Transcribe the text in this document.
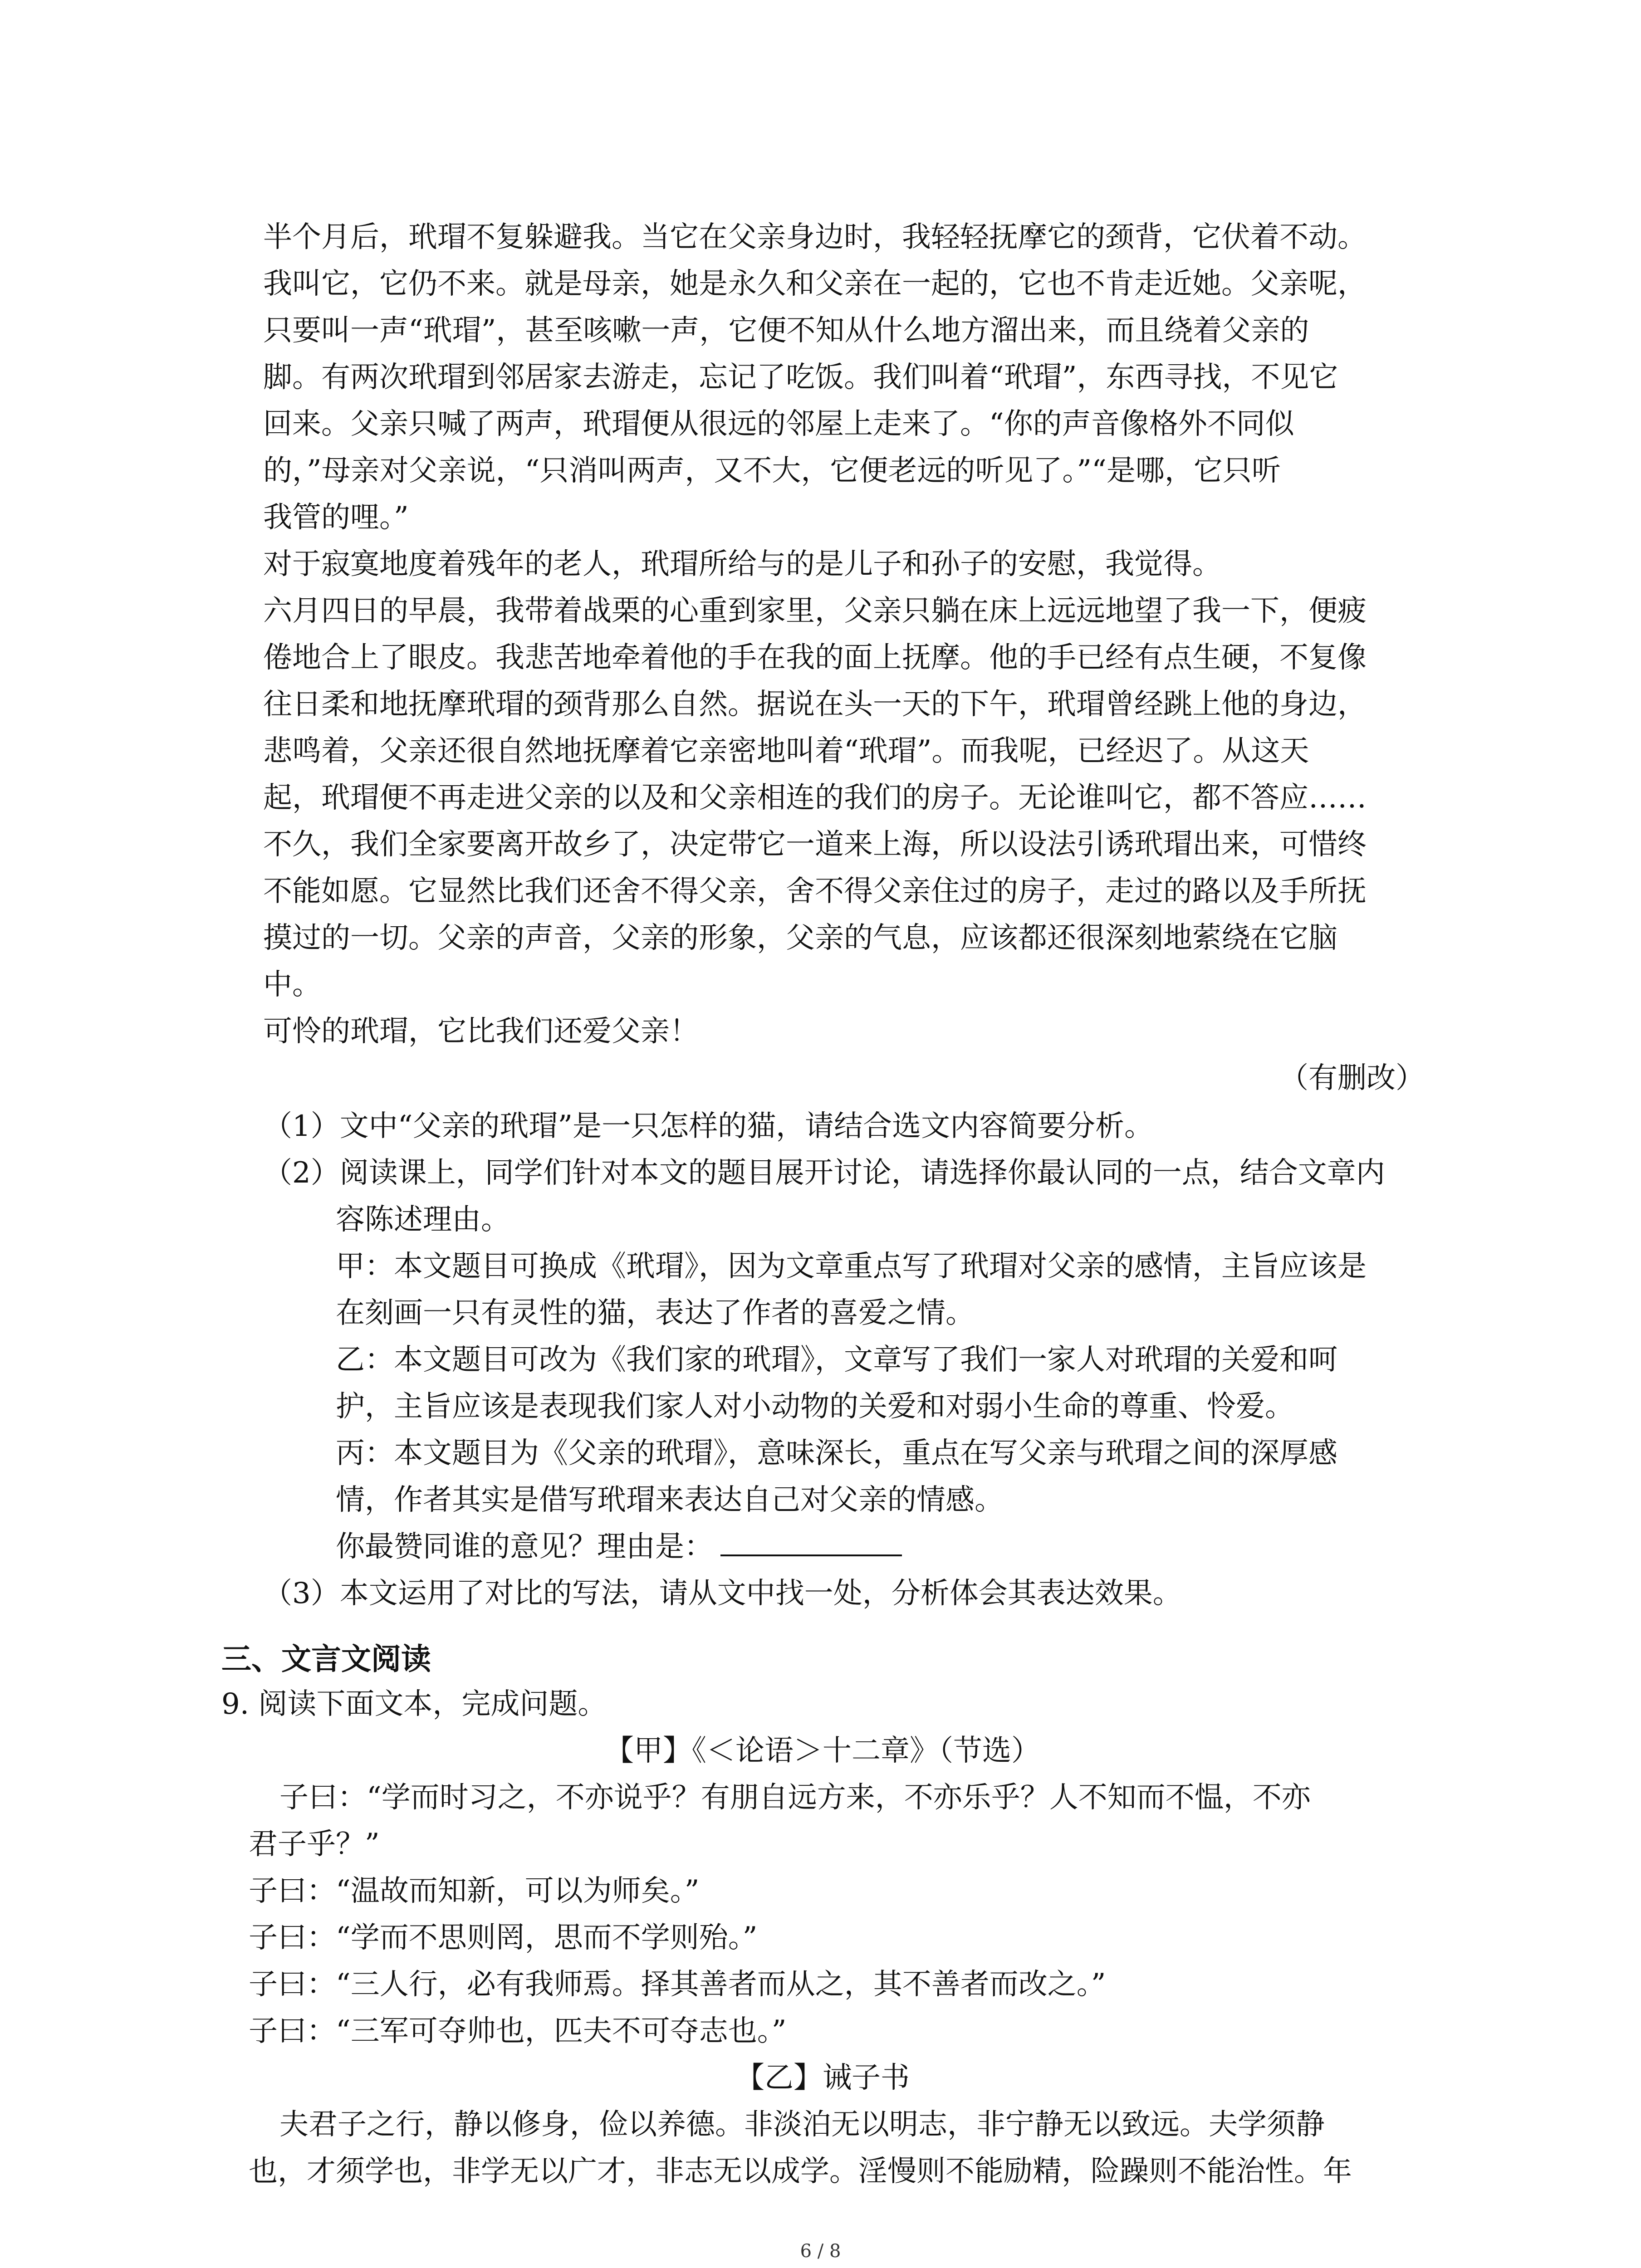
半个月后，玳瑁不复躲避我。当它在父亲身边时，我轻轻抚摩它的颈背，它伏着不动。
我叫它，它仍不来。就是母亲，她是永久和父亲在一起的，它也不肯走近她。父亲呢，
只要叫一声“玳瑁”，甚至咳嗽一声，它便不知从什么地方溜出来，而且绕着父亲的
脚。有两次玳瑁到邻居家去游走，忘记了吃饭。我们叫着“玳瑁”，东西寻找，不见它
回来。父亲只喊了两声，玳瑁便从很远的邻屋上走来了。“你的声音像格外不同似
的，”母亲对父亲说，“只消叫两声，又不大，它便老远的听见了。”“是哪，它只听
我管的哩。”
对于寂寞地度着残年的老人，玳瑁所给与的是儿子和孙子的安慰，我觉得。
六月四日的早晨，我带着战栗的心重到家里，父亲只躺在床上远远地望了我一下，便疲
倦地合上了眼皮。我悲苦地牵着他的手在我的面上抚摩。他的手已经有点生硬，不复像
往日柔和地抚摩玳瑁的颈背那么自然。据说在头一天的下午，玳瑁曾经跳上他的身边，
悲鸣着，父亲还很自然地抚摩着它亲密地叫着“玳瑁”。而我呢，已经迟了。从这天
起，玳瑁便不再走进父亲的以及和父亲相连的我们的房子。无论谁叫它，都不答应……
不久，我们全家要离开故乡了，决定带它一道来上海，所以设法引诱玳瑁出来，可惜终
不能如愿。它显然比我们还舍不得父亲，舍不得父亲住过的房子，走过的路以及手所抚
摸过的一切。父亲的声音，父亲的形象，父亲的气息，应该都还很深刻地萦绕在它脑
中。
可怜的玳瑁，它比我们还爱父亲！
（有删改）
（1）文中“父亲的玳瑁”是一只怎样的猫，请结合选文内容简要分析。
（2）阅读课上，同学们针对本文的题目展开讨论，请选择你最认同的一点，结合文章内
容陈述理由。
甲：本文题目可换成《玳瑁》，因为文章重点写了玳瑁对父亲的感情，主旨应该是
在刻画一只有灵性的猫，表达了作者的喜爱之情。
乙：本文题目可改为《我们家的玳瑁》，文章写了我们一家人对玳瑁的关爱和呵
护，主旨应该是表现我们家人对小动物的关爱和对弱小生命的尊重、怜爱。
丙：本文题目为《父亲的玳瑁》，意味深长，重点在写父亲与玳瑁之间的深厚感
情，作者其实是借写玳瑁来表达自己对父亲的情感。
你最赞同谁的意见？理由是：
（3）本文运用了对比的写法，请从文中找一处，分析体会其表达效果。
三、文言文阅读
9. 阅读下面文本，完成问题。
【甲】《＜论语＞十二章》（节选）
子曰：“学而时习之，不亦说乎？有朋自远方来，不亦乐乎？人不知而不愠，不亦
君子乎？”
子曰：“温故而知新，可以为师矣。”
子曰：“学而不思则罔，思而不学则殆。”
子曰：“三人行，必有我师焉。择其善者而从之，其不善者而改之。”
子曰：“三军可夺帅也，匹夫不可夺志也。”
【乙】诫子书
夫君子之行，静以修身，俭以养德。非淡泊无以明志，非宁静无以致远。夫学须静
也，才须学也，非学无以广才，非志无以成学。淫慢则不能励精，险躁则不能治性。年
6 / 8
